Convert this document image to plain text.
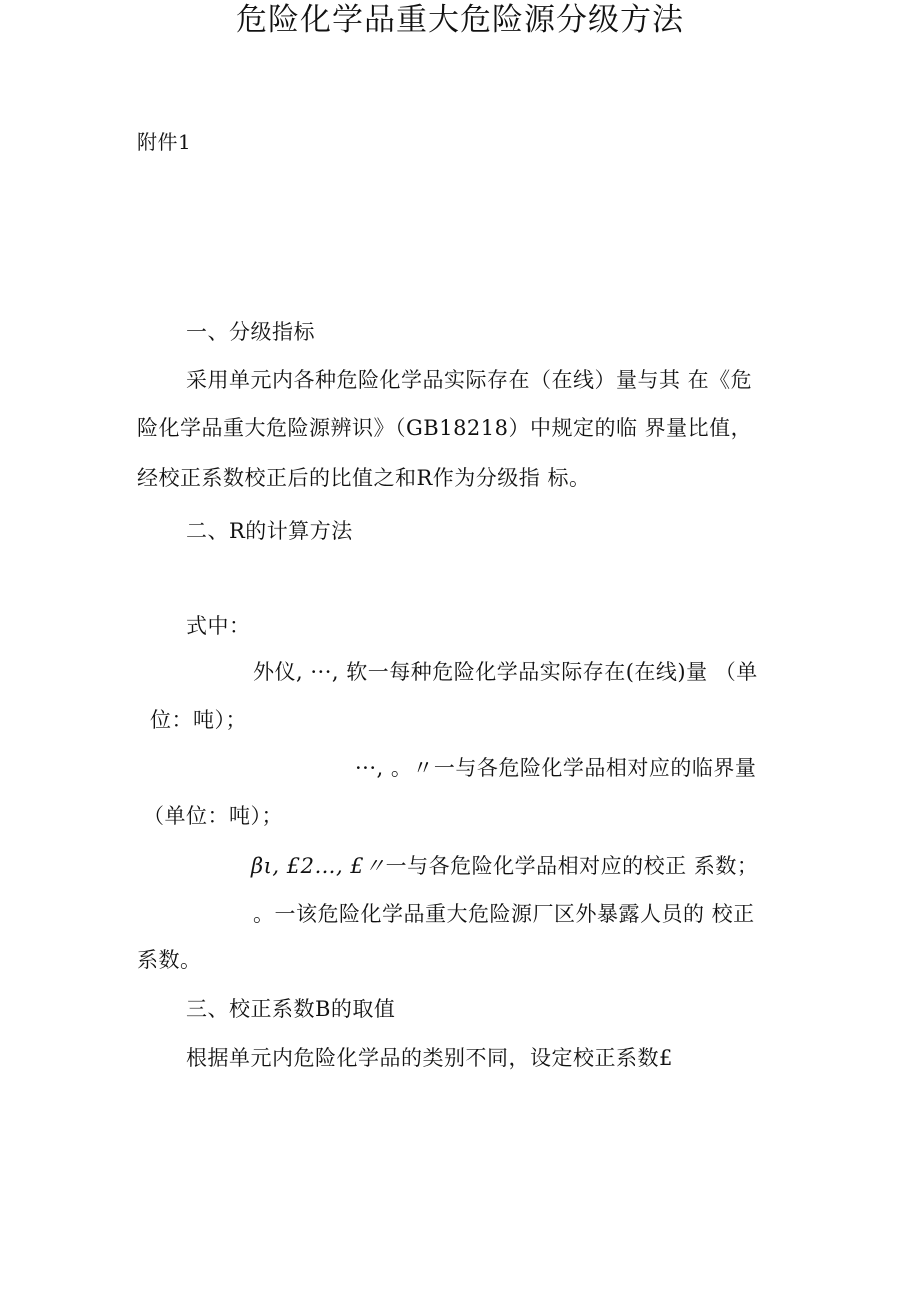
附件1
危险化学品重大危险源分级方法
一、分级指标
采用单元内各种危险化学品实际存在（在线）量与其 在《危
险化学品重大危险源辨识》（GB18218）中规定的临 界量比值，
经校正系数校正后的比值之和R作为分级指 标。
二、R的计算方法
式中：
外仪, ···, 软一每种危险化学品实际存在(在线)量 （单
位：吨）；
···, 。〃一与各危险化学品相对应的临界量
（单位：吨）；
βι, £2…, £〃一与各危险化学品相对应的校正 系数；
。一该危险化学品重大危险源厂区外暴露人员的 校正
系数。
三、校正系数B的取值
根据单元内危险化学品的类别不同，设定校正系数£
